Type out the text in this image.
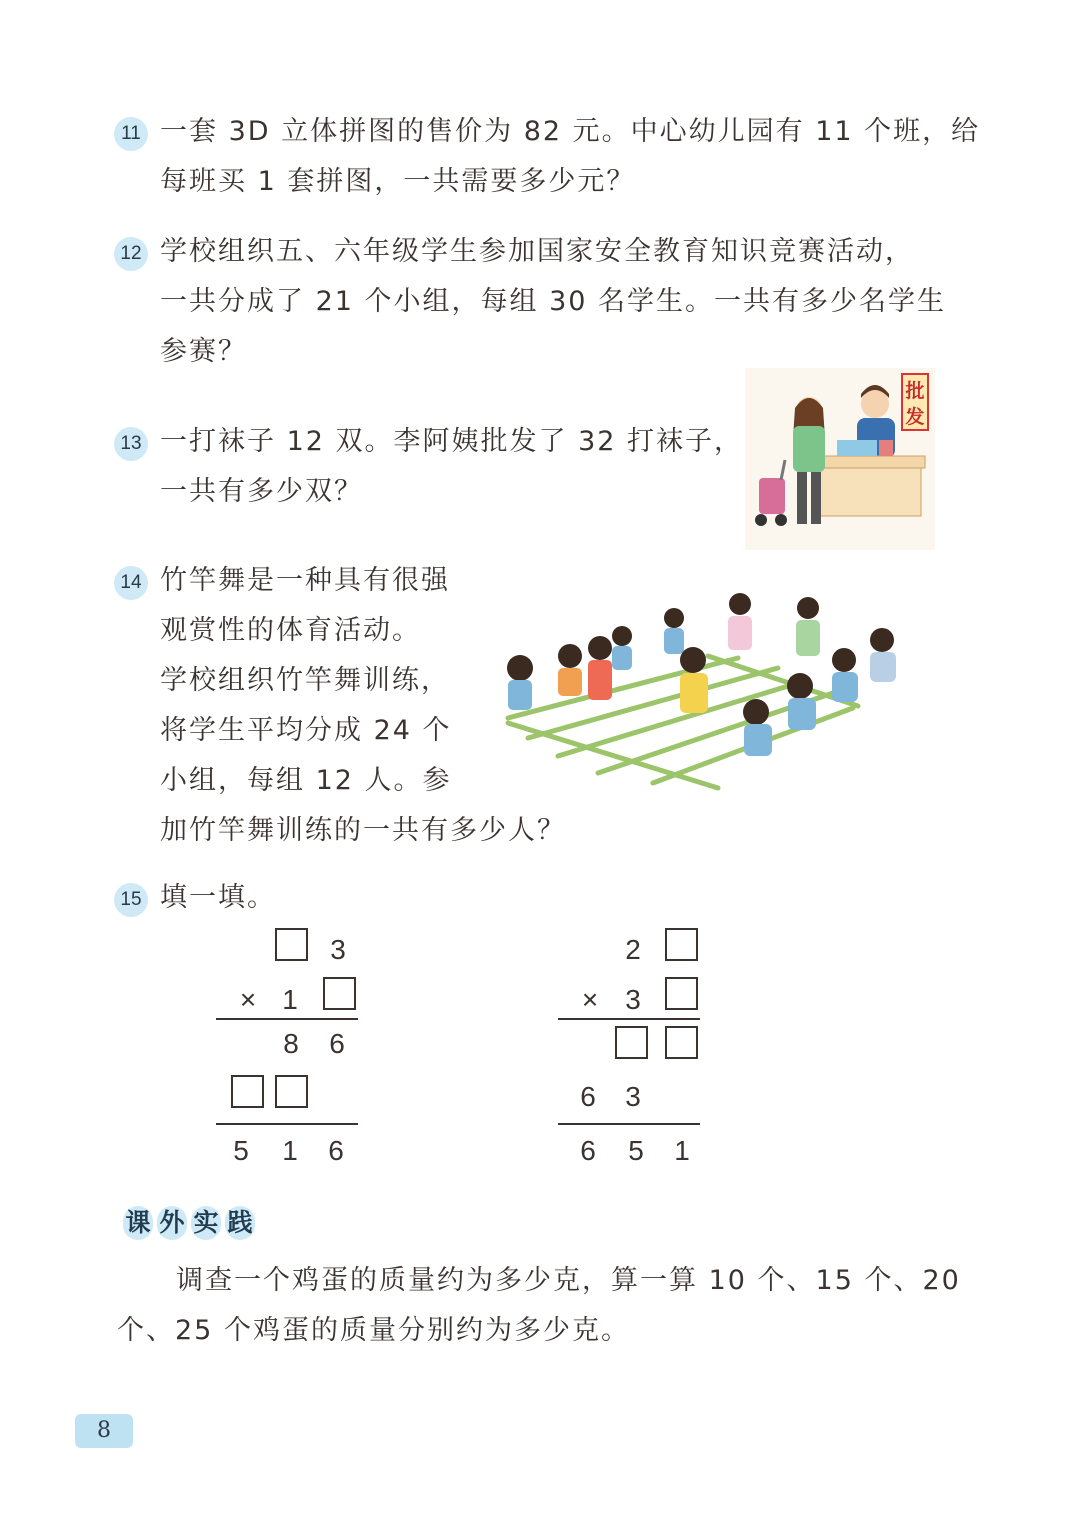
11 一套 3D 立体拼图的售价为 82 元。中心幼儿园有 11 个班，给
每班买 1 套拼图，一共需要多少元？
12 学校组织五、六年级学生参加国家安全教育知识竞赛活动，
一共分成了 21 个小组，每组 30 名学生。一共有多少名学生
参赛？
13 一打袜子 12 双。李阿姨批发了 32 打袜子，
一共有多少双？
批
发
14 竹竿舞是一种具有很强
观赏性的体育活动。
学校组织竹竿舞训练，
将学生平均分成 24 个
小组，每组 12 人。参
加竹竿舞训练的一共有多少人？
15 填一填。
3
× 1
8 6
5 1 6
2
× 3
6 3
6 5 1
课 外 实 践
调查一个鸡蛋的质量约为多少克，算一算 10 个、15 个、20
个、25 个鸡蛋的质量分别约为多少克。
8
